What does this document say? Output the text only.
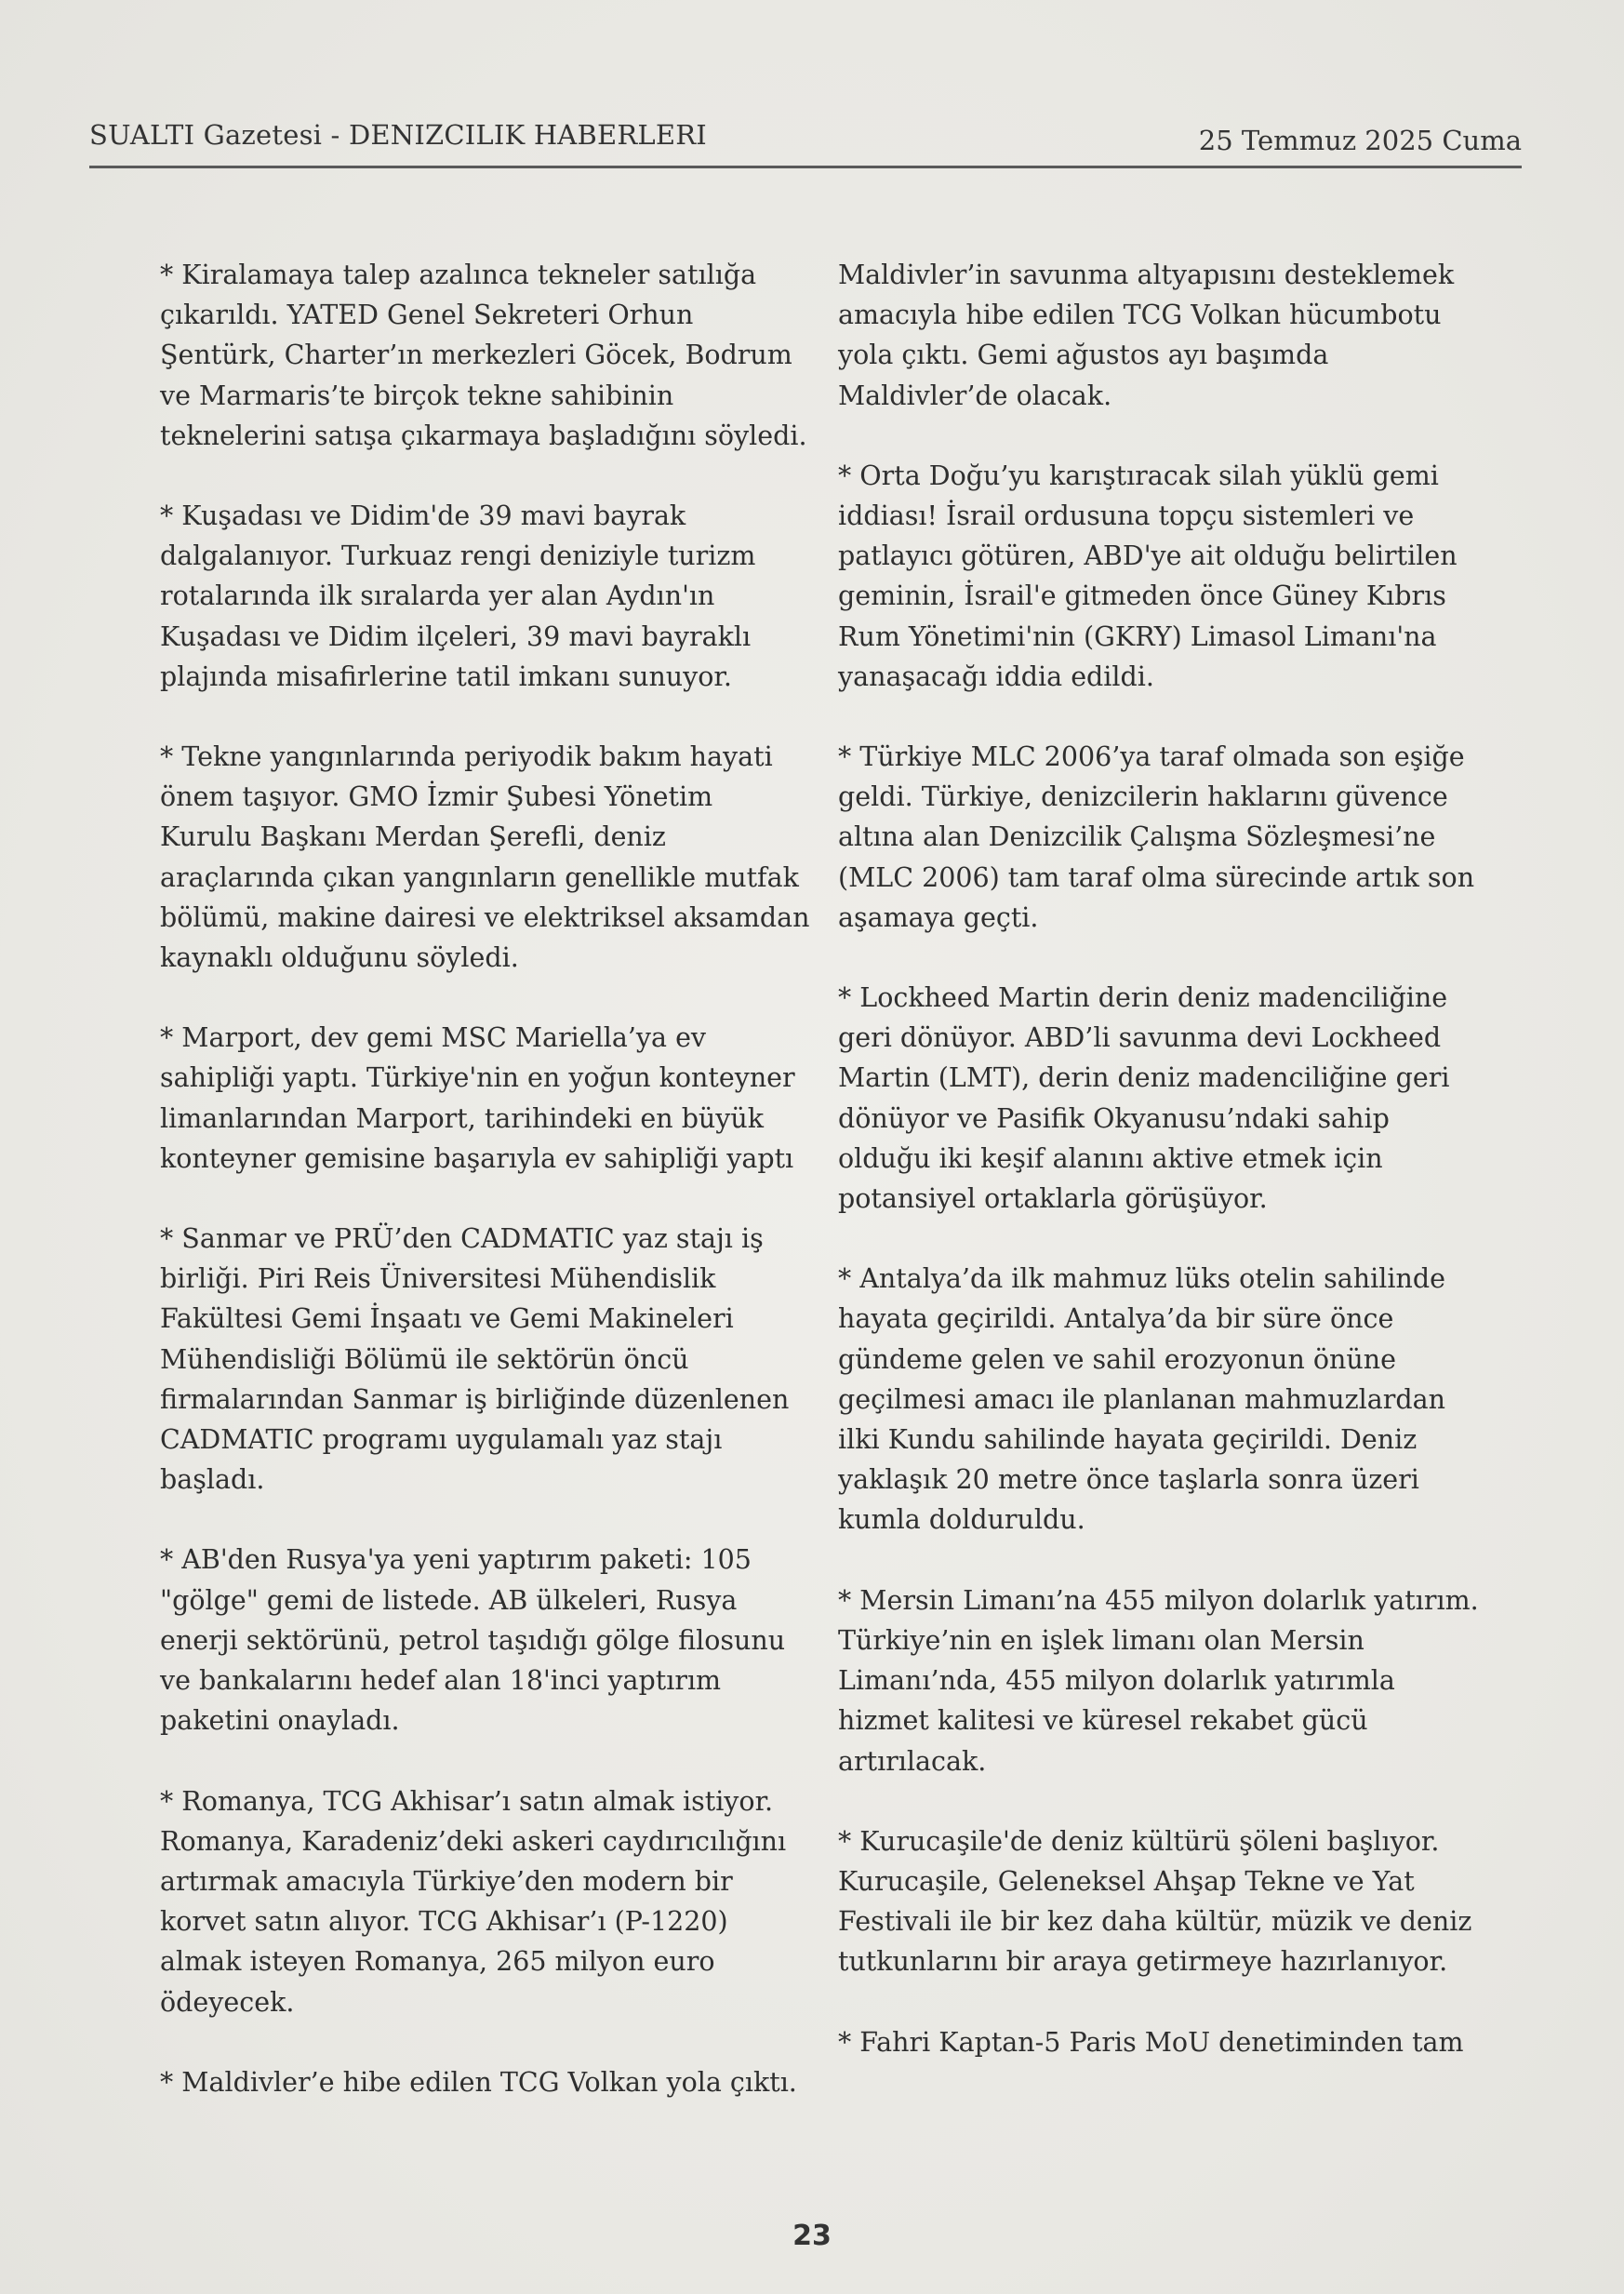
SUALTI Gazetesi - DENIZCILIK HABERLERI	25 Temmuz 2025 Cuma

* Kiralamaya talep azalınca tekneler satılığa çıkarıldı. YATED Genel Sekreteri Orhun Şentürk, Charter’ın merkezleri Göcek, Bodrum ve Marmaris’te birçok tekne sahibinin teknelerini satışa çıkarmaya başladığını söyledi.

* Kuşadası ve Didim'de 39 mavi bayrak dalgalanıyor. Turkuaz rengi deniziyle turizm rotalarında ilk sıralarda yer alan Aydın'ın Kuşadası ve Didim ilçeleri, 39 mavi bayraklı plajında misafirlerine tatil imkanı sunuyor.

* Tekne yangınlarında periyodik bakım hayati önem taşıyor. GMO İzmir Şubesi Yönetim Kurulu Başkanı Merdan Şerefli, deniz araçlarında çıkan yangınların genellikle mutfak bölümü, makine dairesi ve elektriksel aksamdan kaynaklı olduğunu söyledi.

* Marport, dev gemi MSC Mariella’ya ev sahipliği yaptı. Türkiye'nin en yoğun konteyner limanlarından Marport, tarihindeki en büyük konteyner gemisine başarıyla ev sahipliği yaptı

* Sanmar ve PRÜ’den CADMATIC yaz stajı iş birliği. Piri Reis Üniversitesi Mühendislik Fakültesi Gemi İnşaatı ve Gemi Makineleri Mühendisliği Bölümü ile sektörün öncü firmalarından Sanmar iş birliğinde düzenlenen CADMATIC programı uygulamalı yaz stajı başladı.

* AB'den Rusya'ya yeni yaptırım paketi: 105 "gölge" gemi de listede. AB ülkeleri, Rusya enerji sektörünü, petrol taşıdığı gölge filosunu ve bankalarını hedef alan 18'inci yaptırım paketini onayladı.

* Romanya, TCG Akhisar’ı satın almak istiyor. Romanya, Karadeniz’deki askeri caydırıcılığını artırmak amacıyla Türkiye’den modern bir korvet satın alıyor. TCG Akhisar’ı (P-1220) almak isteyen Romanya, 265 milyon euro ödeyecek.

* Maldivler’e hibe edilen TCG Volkan yola çıktı.

Maldivler’in savunma altyapısını desteklemek amacıyla hibe edilen TCG Volkan hücumbotu yola çıktı. Gemi ağustos ayı başımda Maldivler’de olacak.

* Orta Doğu’yu karıştıracak silah yüklü gemi iddiası! İsrail ordusuna topçu sistemleri ve patlayıcı götüren, ABD'ye ait olduğu belirtilen geminin, İsrail'e gitmeden önce Güney Kıbrıs Rum Yönetimi'nin (GKRY) Limasol Limanı'na yanaşacağı iddia edildi.

* Türkiye MLC 2006’ya taraf olmada son eşiğe geldi. Türkiye, denizcilerin haklarını güvence altına alan Denizcilik Çalışma Sözleşmesi’ne (MLC 2006) tam taraf olma sürecinde artık son aşamaya geçti.

* Lockheed Martin derin deniz madenciliğine geri dönüyor. ABD’li savunma devi Lockheed Martin (LMT), derin deniz madenciliğine geri dönüyor ve Pasifik Okyanusu’ndaki sahip olduğu iki keşif alanını aktive etmek için potansiyel ortaklarla görüşüyor.

* Antalya’da ilk mahmuz lüks otelin sahilinde hayata geçirildi. Antalya’da bir süre önce gündeme gelen ve sahil erozyonun önüne geçilmesi amacı ile planlanan mahmuzlardan ilki Kundu sahilinde hayata geçirildi. Deniz yaklaşık 20 metre önce taşlarla sonra üzeri kumla dolduruldu.

* Mersin Limanı’na 455 milyon dolarlık yatırım. Türkiye’nin en işlek limanı olan Mersin Limanı’nda, 455 milyon dolarlık yatırımla hizmet kalitesi ve küresel rekabet gücü artırılacak.

* Kurucaşile'de deniz kültürü şöleni başlıyor. Kurucaşile, Geleneksel Ahşap Tekne ve Yat Festivali ile bir kez daha kültür, müzik ve deniz tutkunlarını bir araya getirmeye hazırlanıyor.

* Fahri Kaptan-5 Paris MoU denetiminden tam

23
